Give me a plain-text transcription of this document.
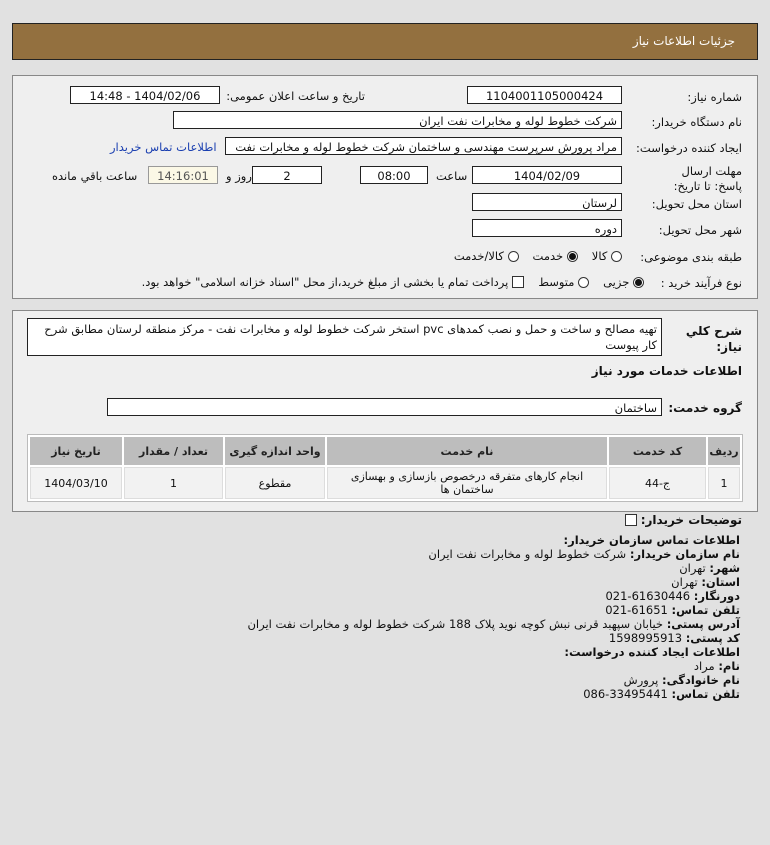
جزئیات اطلاعات نیاز
شماره نیاز:
1104001105000424
تاریخ و ساعت اعلان عمومی:
1404/02/06 - 14:48
نام دستگاه خریدار:
شرکت خطوط لوله و مخابرات نفت ایران
ایجاد کننده درخواست:
مراد پرورش سرپرست مهندسی و ساختمان شرکت خطوط لوله و مخابرات نفت
اطلاعات تماس خریدار
مهلت ارسال پاسخ: تا تاریخ:
1404/02/09
ساعت
08:00
2
روز و
14:16:01
ساعت باقي مانده
استان محل تحویل:
لرستان
شهر محل تحویل:
دوره
طبقه بندی موضوعی:
کالا
خدمت
کالا/خدمت
نوع فرآیند خرید :
جزیی
متوسط
پرداخت تمام یا بخشی از مبلغ خرید،از محل "اسناد خزانه اسلامی" خواهد بود.
شرح کلي نياز:
تهیه مصالح و ساخت و حمل و نصب کمدهای pvc استخر شرکت خطوط لوله و مخابرات نفت - مرکز منطقه لرستان مطابق شرح کار پیوست
اطلاعات خدمات مورد نياز
گروه خدمت:
ساختمان
ردیف	کد خدمت	نام خدمت	واحد اندازه گیری	تعداد / مقدار	تاریخ نیاز
1	ج-44	انجام کارهای متفرقه درخصوص بازسازی و بهسازی ساختمان ها	مقطوع	1	1404/03/10
توضیحات خریدار:
اطلاعات تماس سازمان خریدار:
نام سازمان خریدار: شرکت خطوط لوله و مخابرات نفت ایران
شهر: تهران
استان: تهران
دورنگار: 021-61630446
تلفن تماس: 021-61651
آدرس پستی: خیابان سپهبد قرنی نبش کوچه نوید پلاک 188 شرکت خطوط لوله و مخابرات نفت ایران
کد پستی: 1598995913
اطلاعات ایجاد کننده درخواست:
نام: مراد
نام خانوادگی: پرورش
تلفن تماس: 086-33495441
